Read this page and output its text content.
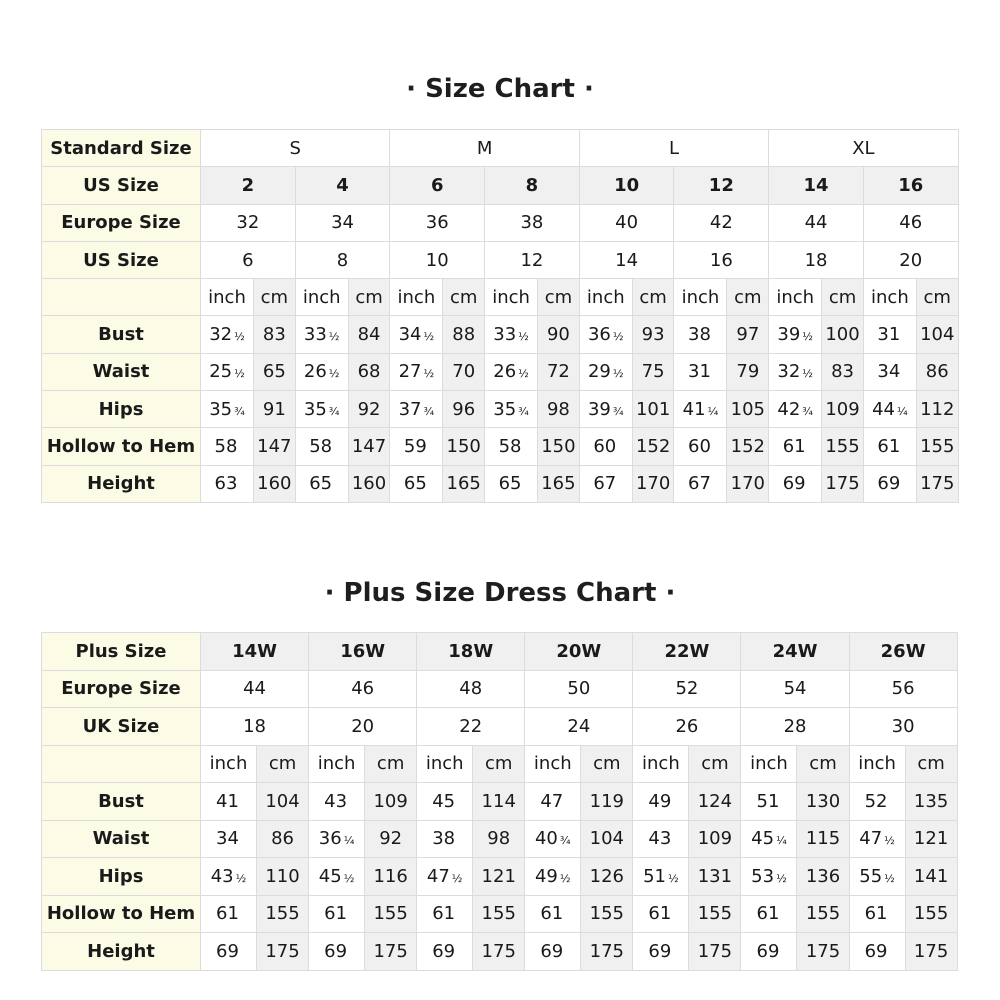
· Size Chart ·
Standard Size	S				M				L				XL			
US Size	2		4		6		8		10		12		14		16	
Europe Size	32		34		36		38		40		42		44		46	
US Size	6		8		10		12		14		16		18		20	
	inch	cm	inch	cm	inch	cm	inch	cm	inch	cm	inch	cm	inch	cm	inch	cm
Bust	32 ½	83	33 ½	84	34 ½	88	33 ½	90	36 ½	93	38	97	39 ½	100	31	104
Waist	25 ½	65	26 ½	68	27 ½	70	26 ½	72	29 ½	75	31	79	32 ½	83	34	86
Hips	35 ¾	91	35 ¾	92	37 ¾	96	35 ¾	98	39 ¾	101	41 ¼	105	42 ¾	109	44 ¼	112
Hollow to Hem	58	147	58	147	59	150	58	150	60	152	60	152	61	155	61	155
Height	63	160	65	160	65	165	65	165	67	170	67	170	69	175	69	175
· Plus Size Dress Chart ·
Plus Size	14W		16W		18W		20W		22W		24W		26W	
Europe Size	44		46		48		50		52		54		56	
UK Size	18		20		22		24		26		28		30	
	inch	cm	inch	cm	inch	cm	inch	cm	inch	cm	inch	cm	inch	cm
Bust	41	104	43	109	45	114	47	119	49	124	51	130	52	135
Waist	34	86	36 ¼	92	38	98	40 ¾	104	43	109	45 ¼	115	47 ½	121
Hips	43 ½	110	45 ½	116	47 ½	121	49 ½	126	51 ½	131	53 ½	136	55 ½	141
Hollow to Hem	61	155	61	155	61	155	61	155	61	155	61	155	61	155
Height	69	175	69	175	69	175	69	175	69	175	69	175	69	175
